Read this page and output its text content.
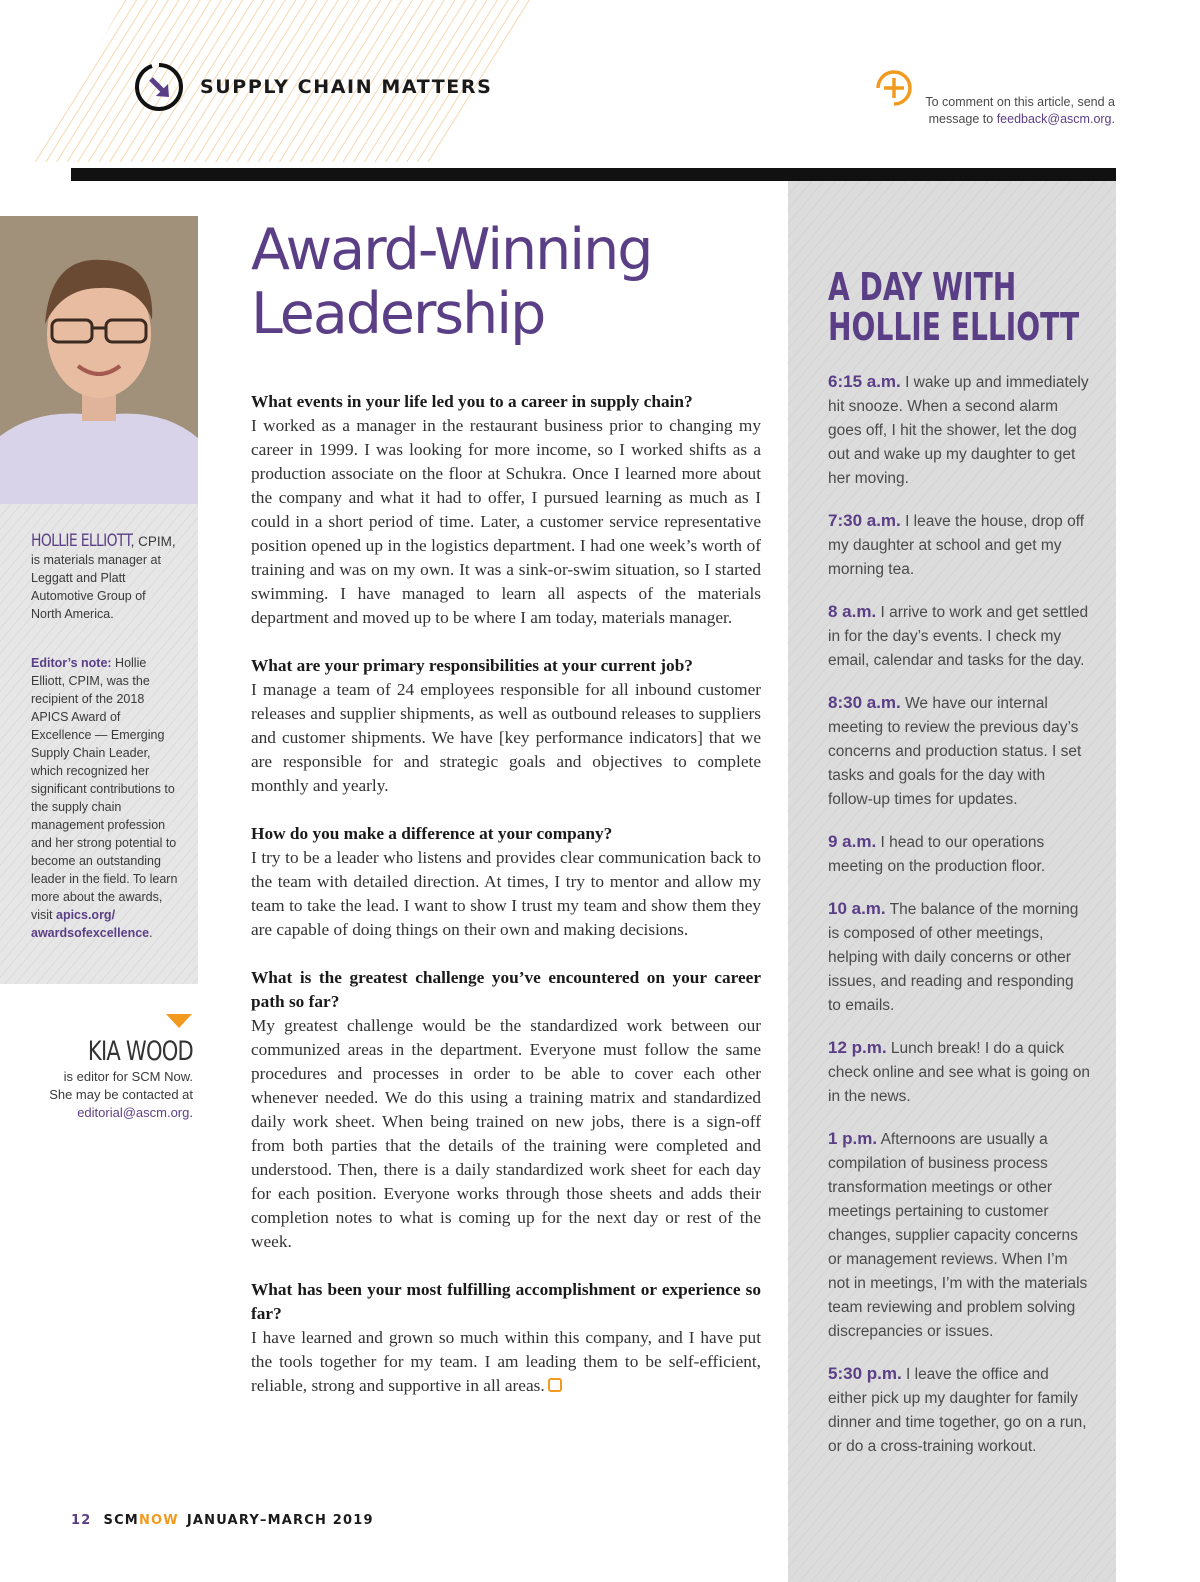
SUPPLY CHAIN MATTERS
To comment on this article, send a message to feedback@ascm.org.
HOLLIE ELLIOTT, CPIM, is materials manager at Leggatt and Platt Automotive Group of North America.
Editor’s note: Hollie Elliott, CPIM, was the recipient of the 2018 APICS Award of Excellence — Emerging Supply Chain Leader, which recognized her significant contributions to the supply chain management profession and her strong potential to become an outstanding leader in the field. To learn more about the awards, visit apics.org/ awardsofexcellence.
KIA WOOD
is editor for SCM Now. She may be contacted at editorial@ascm.org.
Award-Winning
Leadership

What events in your life led you to a career in supply chain?

I worked as a manager in the restaurant business prior to changing my career in 1999. I was looking for more income, so I worked shifts as a production associate on the floor at Schukra. Once I learned more about the company and what it had to offer, I pursued learning as much as I could in a short period of time. Later, a customer service representative position opened up in the logistics department. I had one week’s worth of training and was on my own. It was a sink-or-swim situation, so I started swimming. I have managed to learn all aspects of the materials department and moved up to be where I am today, materials manager.

What are your primary responsibilities at your current job?

I manage a team of 24 employees responsible for all inbound customer releases and supplier shipments, as well as outbound releases to suppliers and customer shipments. We have [key performance indicators] that we are responsible for and strategic goals and objectives to complete monthly and yearly.

How do you make a difference at your company?

I try to be a leader who listens and provides clear communication back to the team with detailed direction. At times, I try to mentor and allow my team to take the lead. I want to show I trust my team and show them they are capable of doing things on their own and making decisions.

What is the greatest challenge you’ve encountered on your career path so far?

My greatest challenge would be the standardized work between our communized areas in the department. Everyone must follow the same procedures and processes in order to be able to cover each other whenever needed. We do this using a training matrix and standardized daily work sheet. When being trained on new jobs, there is a sign-off from both parties that the details of the training were completed and understood. Then, there is a daily standardized work sheet for each day for each position. Everyone works through those sheets and adds their completion notes to what is coming up for the next day or rest of the week.

What has been your most fulfilling accomplishment or experience so far?

I have learned and grown so much within this company, and I have put the tools together for my team. I am leading them to be self-efficient, reliable, strong and supportive in all areas.

A DAY WITH
HOLLIE ELLIOTT
6:15 a.m. I wake up and immediately hit snooze. When a second alarm goes off, I hit the shower, let the dog out and wake up my daughter to get her moving.
7:30 a.m. I leave the house, drop off my daughter at school and get my morning tea.
8 a.m. I arrive to work and get settled in for the day’s events. I check my email, calendar and tasks for the day.
8:30 a.m. We have our internal meeting to review the previous day’s concerns and production status. I set tasks and goals for the day with follow-up times for updates.
9 a.m. I head to our operations meeting on the production floor.
10 a.m. The balance of the morning is composed of other meetings, helping with daily concerns or other issues, and reading and responding to emails.
12 p.m. Lunch break! I do a quick check online and see what is going on in the news.
1 p.m. Afternoons are usually a compilation of business process transformation meetings or other meetings pertaining to customer changes, supplier capacity concerns or management reviews. When I’m not in meetings, I’m with the materials team reviewing and problem solving discrepancies or issues.
5:30 p.m. I leave the office and either pick up my daughter for family dinner and time together, go on a run, or do a cross-training workout.
12 SCMNOW JANUARY–MARCH 2019
